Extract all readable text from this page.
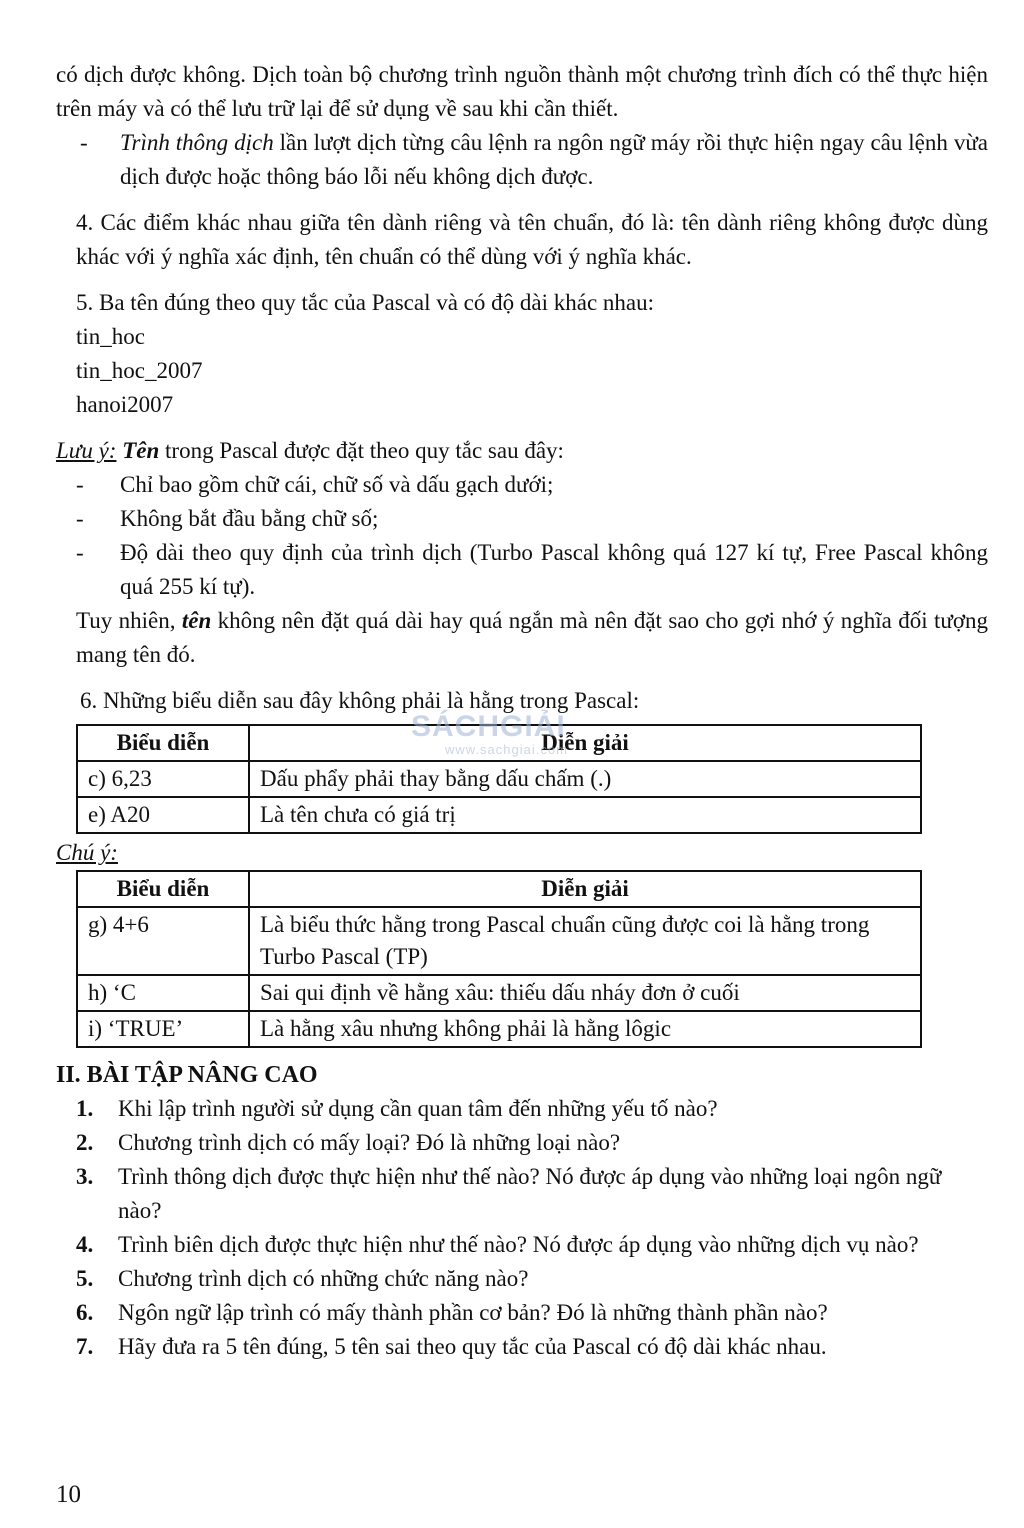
có dịch được không. Dịch toàn bộ chương trình nguồn thành một chương trình đích có thể thực hiện trên máy và có thể lưu trữ lại để sử dụng về sau khi cần thiết.

-	Trình thông dịch lần lượt dịch từng câu lệnh ra ngôn ngữ máy rồi thực hiện ngay câu lệnh vừa dịch được hoặc thông báo lỗi nếu không dịch được.

4. Các điểm khác nhau giữa tên dành riêng và tên chuẩn, đó là: tên dành riêng không được dùng khác với ý nghĩa xác định, tên chuẩn có thể dùng với ý nghĩa khác.

5. Ba tên đúng theo quy tắc của Pascal và có độ dài khác nhau:

tin_hoc

tin_hoc_2007

hanoi2007

Lưu ý: Tên trong Pascal được đặt theo quy tắc sau đây:

-	Chỉ bao gồm chữ cái, chữ số và dấu gạch dưới;
-	Không bắt đầu bằng chữ số;
-	Độ dài theo quy định của trình dịch (Turbo Pascal không quá 127 kí tự, Free Pascal không quá 255 kí tự).

Tuy nhiên, tên không nên đặt quá dài hay quá ngắn mà nên đặt sao cho gợi nhớ ý nghĩa đối tượng mang tên đó.

6. Những biểu diễn sau đây không phải là hằng trong Pascal:

SÁCHGIẢI
www.sachgiai.com
Biểu diễn	Diễn giải
c) 6,23	Dấu phẩy phải thay bằng dấu chấm (.)
e) A20	Là tên chưa có giá trị

Chú ý:

Biểu diễn	Diễn giải
g) 4+6	Là biểu thức hằng trong Pascal chuẩn cũng được coi là hằng trong Turbo Pascal (TP)
h) ‘C	Sai qui định về hằng xâu: thiếu dấu nháy đơn ở cuối
i) ‘TRUE’	Là hằng xâu nhưng không phải là hằng lôgic

II. BÀI TẬP NÂNG CAO

1.	Khi lập trình người sử dụng cần quan tâm đến những yếu tố nào?
2.	Chương trình dịch có mấy loại? Đó là những loại nào?
3.	Trình thông dịch được thực hiện như thế nào? Nó được áp dụng vào những loại ngôn ngữ nào?
4.	Trình biên dịch được thực hiện như thế nào? Nó được áp dụng vào những dịch vụ nào?
5.	Chương trình dịch có những chức năng nào?
6.	Ngôn ngữ lập trình có mấy thành phần cơ bản? Đó là những thành phần nào?
7.	Hãy đưa ra 5 tên đúng, 5 tên sai theo quy tắc của Pascal có độ dài khác nhau.
10
